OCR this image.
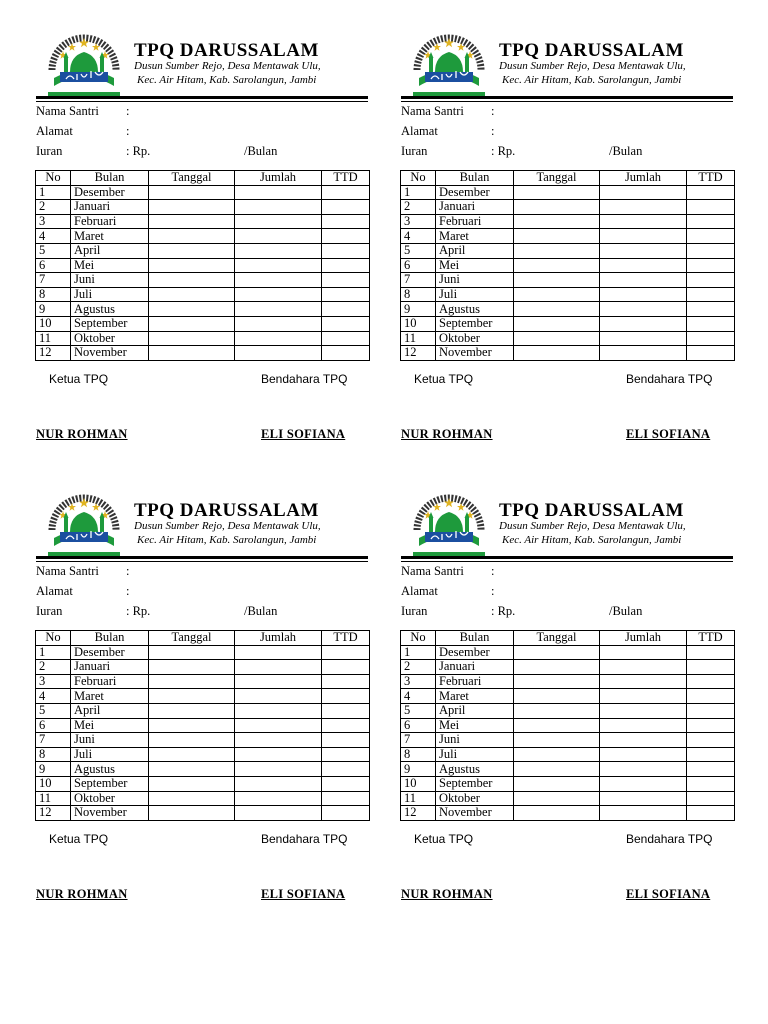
TPQ DARUSSALAM
Dusun Sumber Rejo, Desa Mentawak Ulu,
Kec. Air Hitam, Kab. Sarolangun, Jambi
Nama Santri :
Alamat	:
Iuran	: Rp.	/Bulan
No	Bulan	Tanggal	Jumlah	TTD
1	Desember			
2	Januari			
3	Februari			
4	Maret			
5	April			
6	Mei			
7	Juni			
8	Juli			
9	Agustus			
10	September			
11	Oktober			
12	November			
Ketua TPQ	Bendahara TPQ
NUR ROHMAN	ELI SOFIANA
TPQ DARUSSALAM
Dusun Sumber Rejo, Desa Mentawak Ulu,
Kec. Air Hitam, Kab. Sarolangun, Jambi
Nama Santri :
Alamat	:
Iuran	: Rp.	/Bulan
No	Bulan	Tanggal	Jumlah	TTD
1	Desember			
2	Januari			
3	Februari			
4	Maret			
5	April			
6	Mei			
7	Juni			
8	Juli			
9	Agustus			
10	September			
11	Oktober			
12	November			
Ketua TPQ	Bendahara TPQ
NUR ROHMAN	ELI SOFIANA
TPQ DARUSSALAM
Dusun Sumber Rejo, Desa Mentawak Ulu,
Kec. Air Hitam, Kab. Sarolangun, Jambi
Nama Santri :
Alamat	:
Iuran	: Rp.	/Bulan
No	Bulan	Tanggal	Jumlah	TTD
1	Desember			
2	Januari			
3	Februari			
4	Maret			
5	April			
6	Mei			
7	Juni			
8	Juli			
9	Agustus			
10	September			
11	Oktober			
12	November			
Ketua TPQ	Bendahara TPQ
NUR ROHMAN	ELI SOFIANA
TPQ DARUSSALAM
Dusun Sumber Rejo, Desa Mentawak Ulu,
Kec. Air Hitam, Kab. Sarolangun, Jambi
Nama Santri :
Alamat	:
Iuran	: Rp.	/Bulan
No	Bulan	Tanggal	Jumlah	TTD
1	Desember			
2	Januari			
3	Februari			
4	Maret			
5	April			
6	Mei			
7	Juni			
8	Juli			
9	Agustus			
10	September			
11	Oktober			
12	November			
Ketua TPQ	Bendahara TPQ
NUR ROHMAN	ELI SOFIANA
